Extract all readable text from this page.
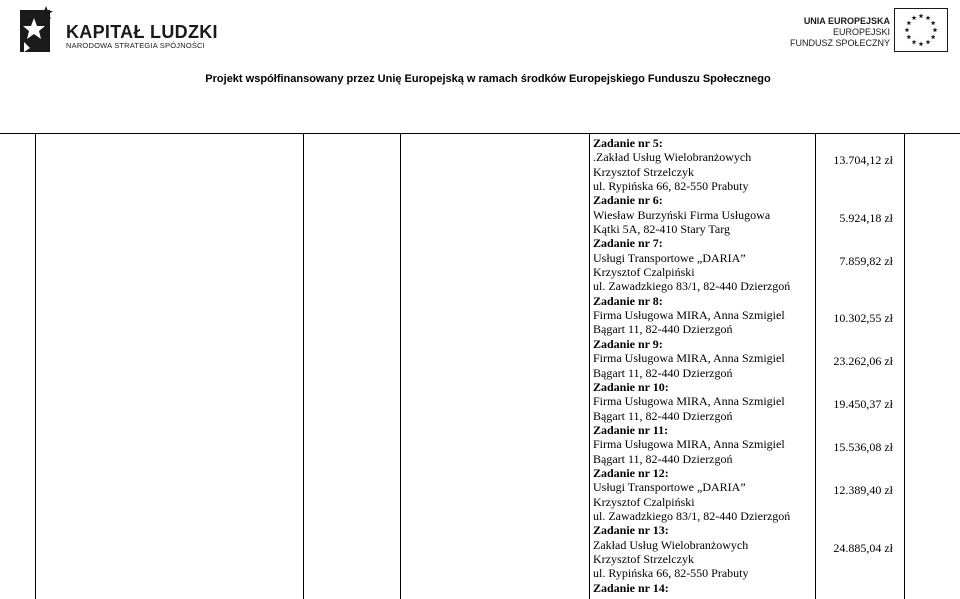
KAPITAŁ LUDZKI
NARODOWA STRATEGIA SPÓJNOŚCI
UNIA EUROPEJSKA
EUROPEJSKI
FUNDUSZ SPOŁECZNY
Projekt współfinansowany przez Unię Europejską w ramach środków Europejskiego Funduszu Społecznego
Zadanie nr 5:
.Zakład Usług Wielobranżowych
Krzysztof Strzelczyk
ul. Rypińska 66, 82-550 Prabuty
Zadanie nr 6:
Wiesław Burzyński Firma Usługowa
Kątki 5A, 82-410 Stary Targ
Zadanie nr 7:
Usługi Transportowe „DARIA”
Krzysztof Czalpiński
ul. Zawadzkiego 83/1, 82-440 Dzierzgoń
Zadanie nr 8:
Firma Usługowa MIRA, Anna Szmigiel
Bągart 11, 82-440 Dzierzgoń
Zadanie nr 9:
Firma Usługowa MIRA, Anna Szmigiel
Bągart 11, 82-440 Dzierzgoń
Zadanie nr 10:
Firma Usługowa MIRA, Anna Szmigiel
Bągart 11, 82-440 Dzierzgoń
Zadanie nr 11:
Firma Usługowa MIRA, Anna Szmigiel
Bągart 11, 82-440 Dzierzgoń
Zadanie nr 12:
Usługi Transportowe „DARIA”
Krzysztof Czalpiński
ul. Zawadzkiego 83/1, 82-440 Dzierzgoń
Zadanie nr 13:
Zakład Usług Wielobranżowych
Krzysztof Strzelczyk
ul. Rypińska 66, 82-550 Prabuty
Zadanie nr 14:
13.704,12 zł
5.924,18 zł
7.859,82 zł
10.302,55 zł
23.262,06 zł
19.450,37 zł
15.536,08 zł
12.389,40 zł
24.885,04 zł
